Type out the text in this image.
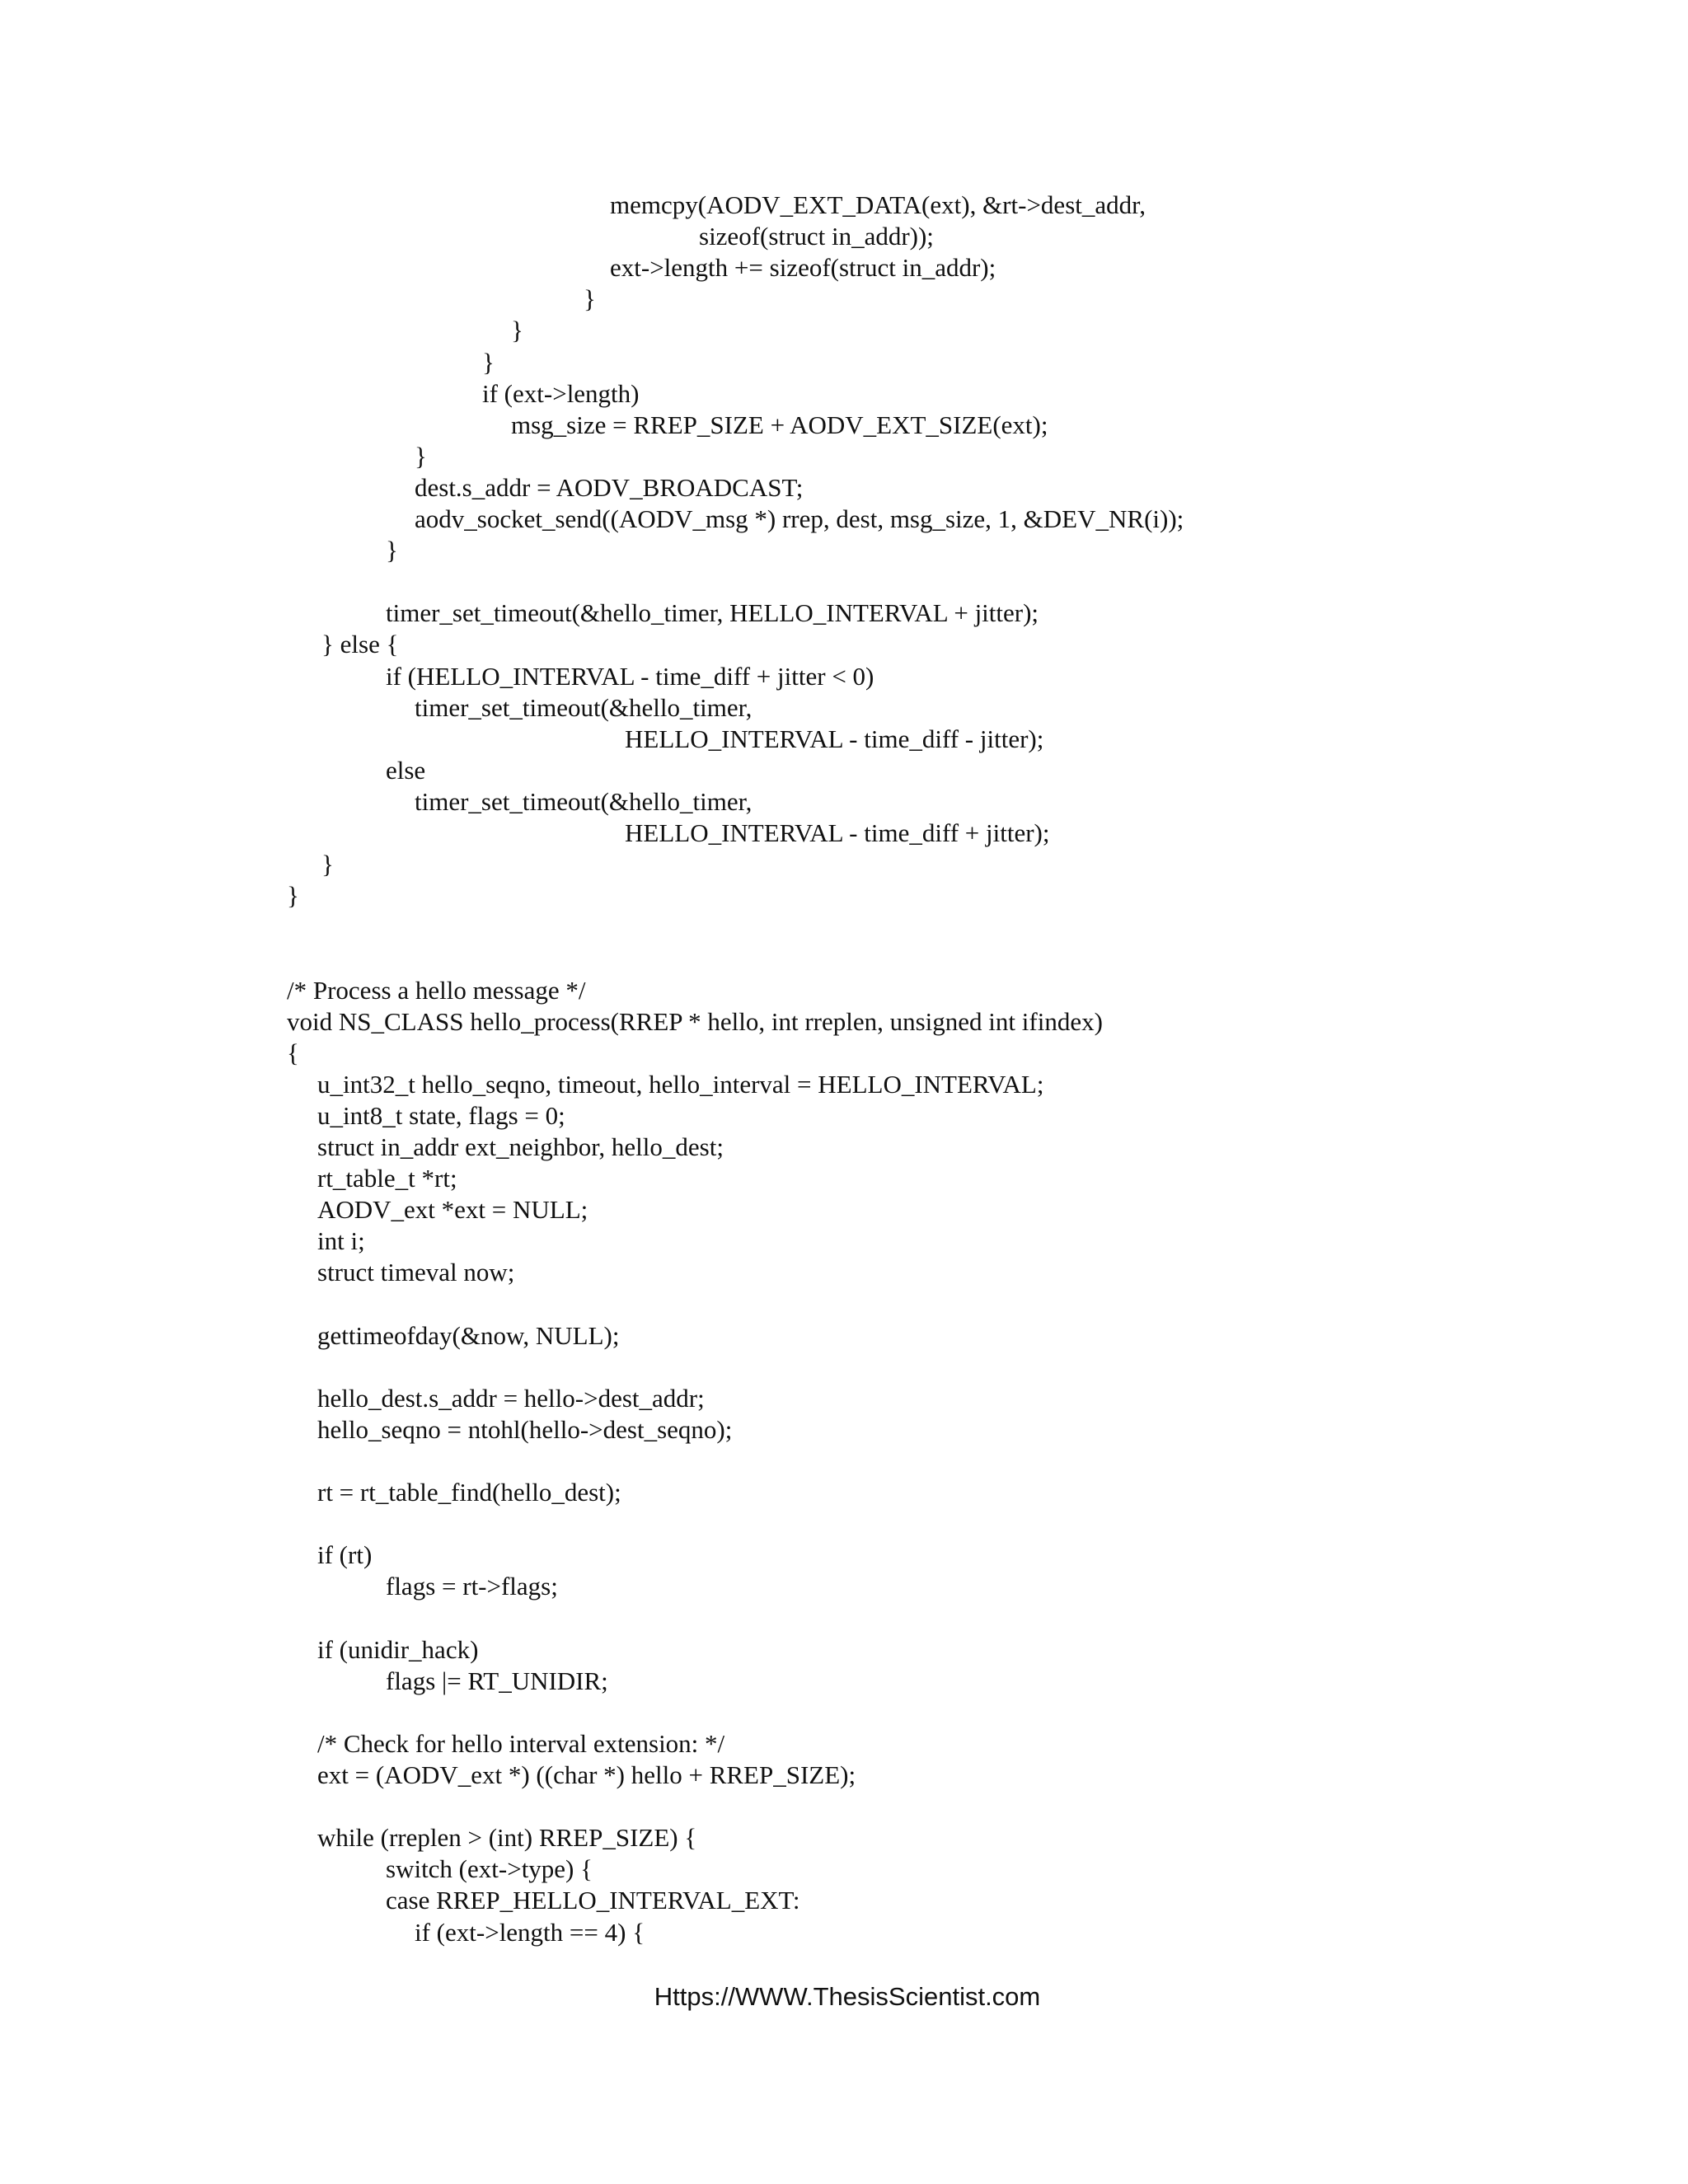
memcpy(AODV_EXT_DATA(ext), &rt->dest_addr,
sizeof(struct in_addr));
ext->length += sizeof(struct in_addr);
}
}
}
if (ext->length)
msg_size = RREP_SIZE + AODV_EXT_SIZE(ext);
}
dest.s_addr = AODV_BROADCAST;
aodv_socket_send((AODV_msg *) rrep, dest, msg_size, 1, &DEV_NR(i));
}
timer_set_timeout(&hello_timer, HELLO_INTERVAL + jitter);
} else {
if (HELLO_INTERVAL - time_diff + jitter < 0)
timer_set_timeout(&hello_timer,
HELLO_INTERVAL - time_diff - jitter);
else
timer_set_timeout(&hello_timer,
HELLO_INTERVAL - time_diff + jitter);
}
}
/* Process a hello message */
void NS_CLASS hello_process(RREP * hello, int rreplen, unsigned int ifindex)
{
u_int32_t hello_seqno, timeout, hello_interval = HELLO_INTERVAL;
u_int8_t state, flags = 0;
struct in_addr ext_neighbor, hello_dest;
rt_table_t *rt;
AODV_ext *ext = NULL;
int i;
struct timeval now;
gettimeofday(&now, NULL);
hello_dest.s_addr = hello->dest_addr;
hello_seqno = ntohl(hello->dest_seqno);
rt = rt_table_find(hello_dest);
if (rt)
flags = rt->flags;
if (unidir_hack)
flags |= RT_UNIDIR;
/* Check for hello interval extension: */
ext = (AODV_ext *) ((char *) hello + RREP_SIZE);
while (rreplen > (int) RREP_SIZE) {
switch (ext->type) {
case RREP_HELLO_INTERVAL_EXT:
if (ext->length == 4) {
Https://WWW.ThesisScientist.com
